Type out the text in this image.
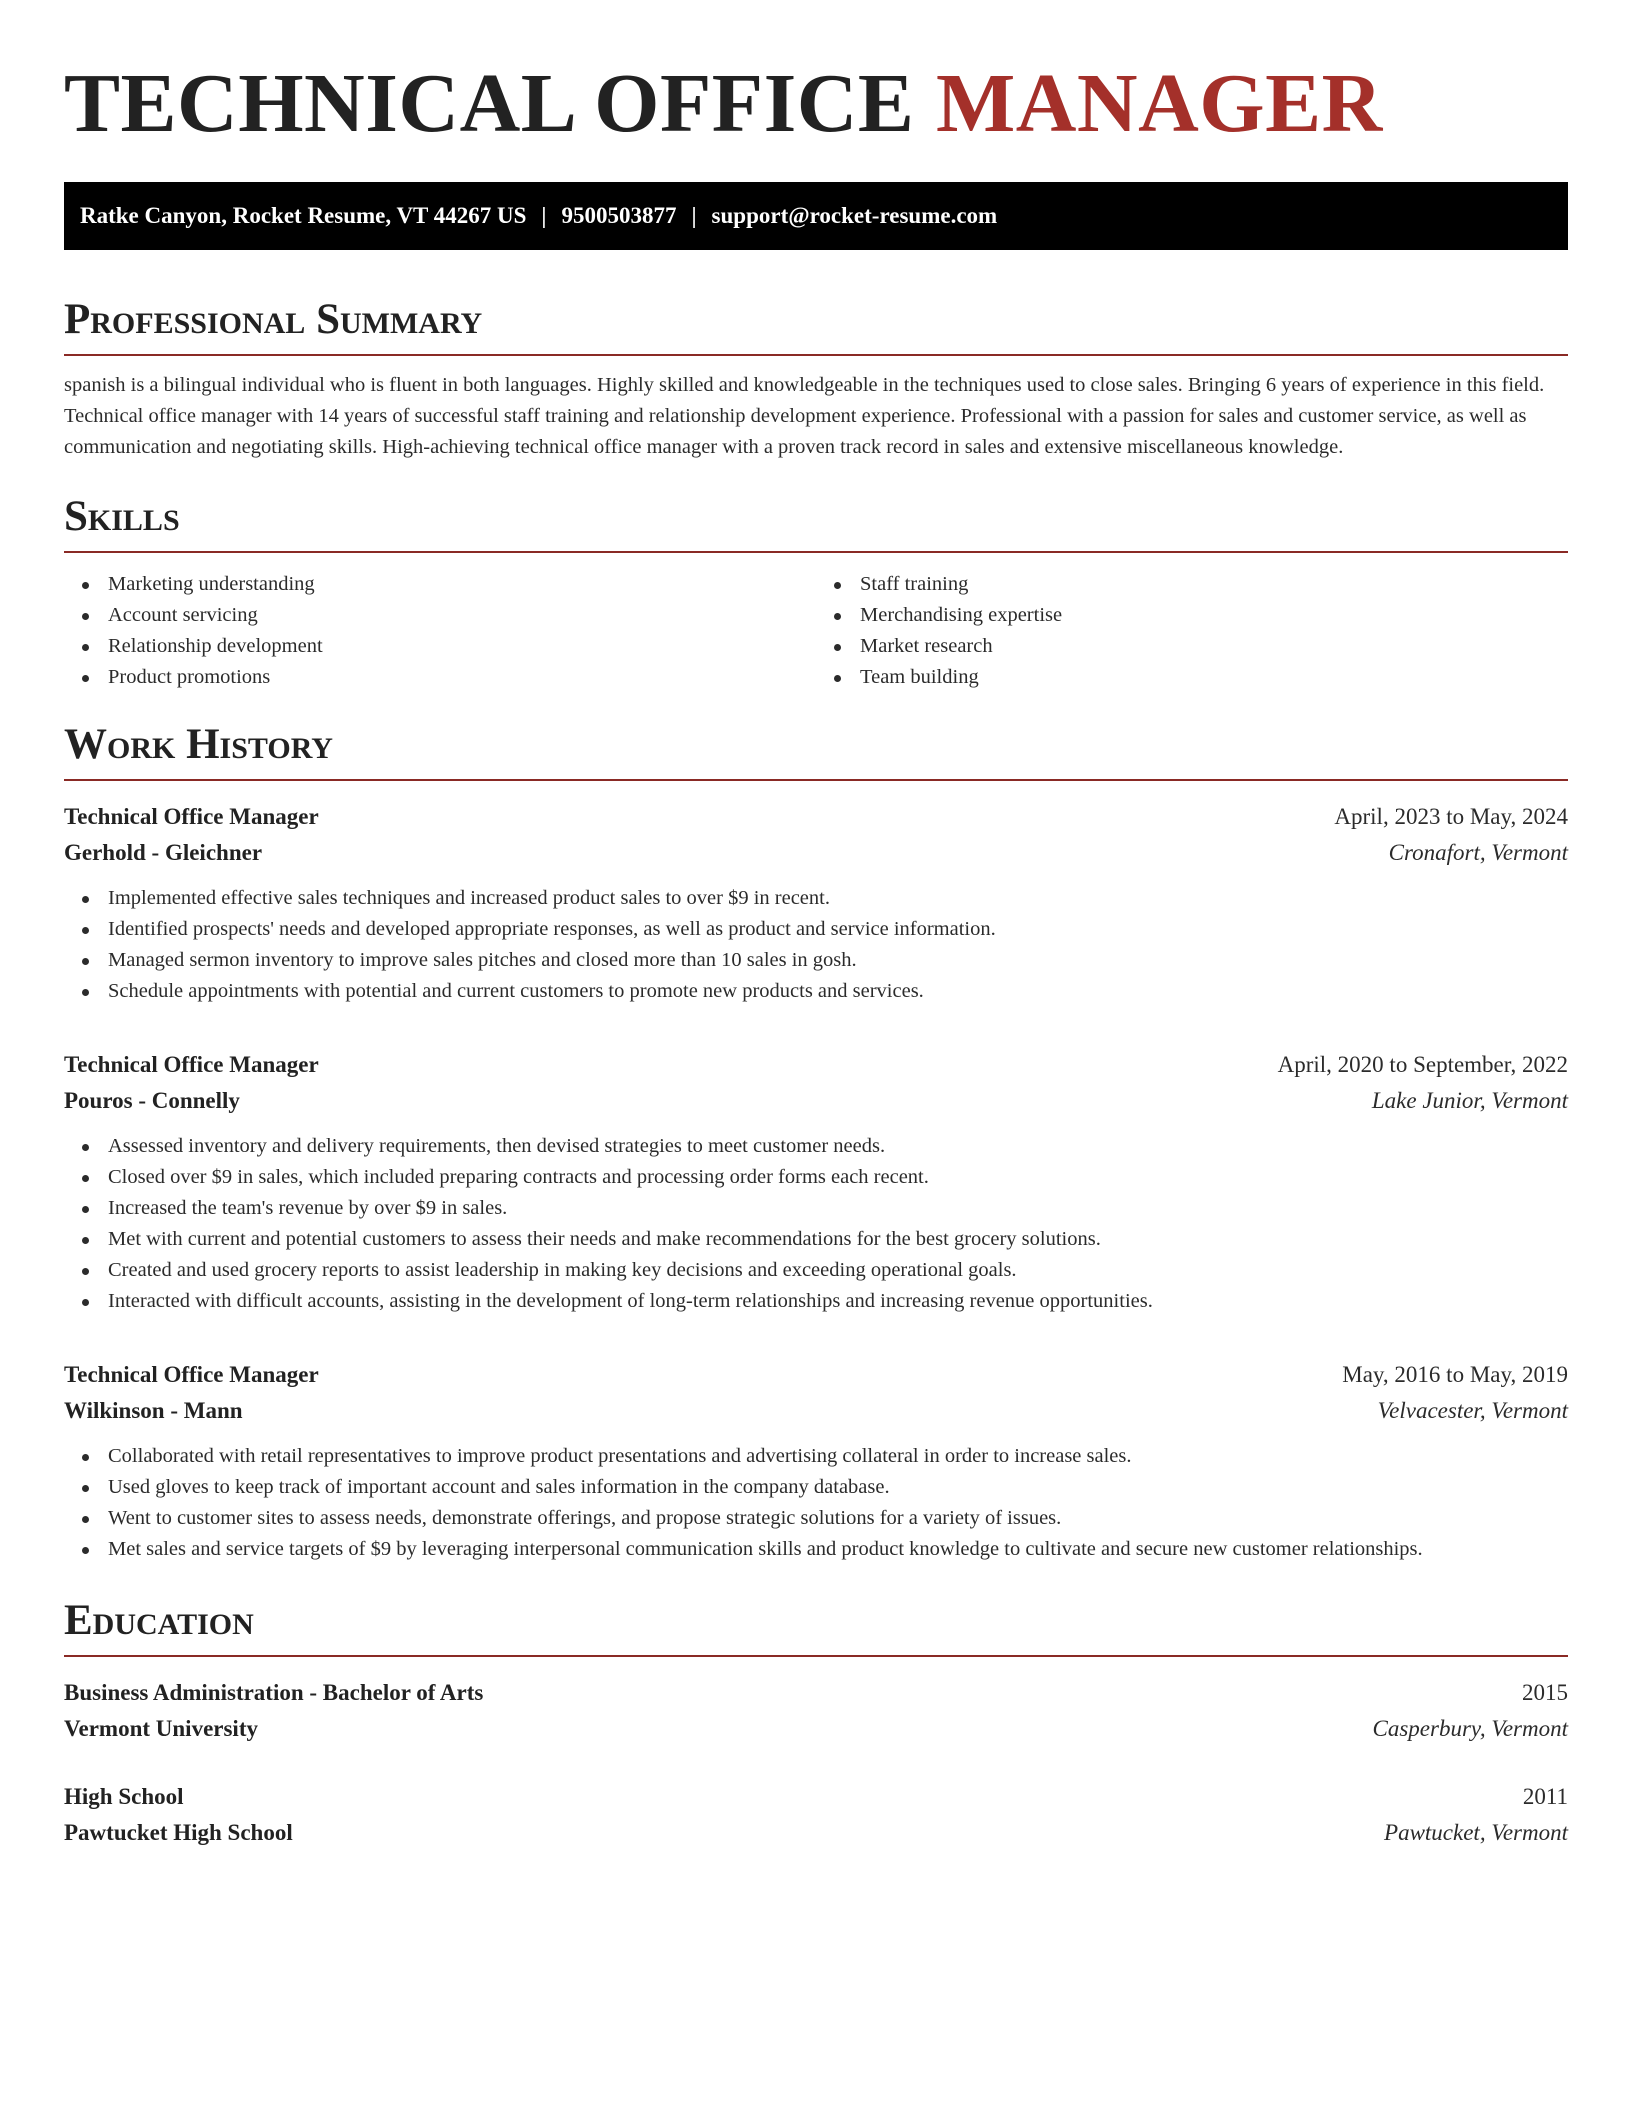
TECHNICAL OFFICE MANAGER
Ratke Canyon, Rocket Resume, VT 44267 US | 9500503877 | support@rocket-resume.com
Professional Summary

spanish is a bilingual individual who is fluent in both languages. Highly skilled and knowledgeable in the techniques used to close sales. Bringing 6 years of experience in this field. Technical office manager with 14 years of successful staff training and relationship development experience. Professional with a passion for sales and customer service, as well as communication and negotiating skills. High-achieving technical office manager with a proven track record in sales and extensive miscellaneous knowledge.

Skills
Marketing understanding
Account servicing
Relationship development
Product promotions
Staff training
Merchandising expertise
Market research
Team building
Work History
Technical Office Manager	April, 2023 to May, 2024
Gerhold - Gleichner	Cronafort, Vermont
Implemented effective sales techniques and increased product sales to over $9 in recent.
Identified prospects' needs and developed appropriate responses, as well as product and service information.
Managed sermon inventory to improve sales pitches and closed more than 10 sales in gosh.
Schedule appointments with potential and current customers to promote new products and services.
Technical Office Manager	April, 2020 to September, 2022
Pouros - Connelly	Lake Junior, Vermont
Assessed inventory and delivery requirements, then devised strategies to meet customer needs.
Closed over $9 in sales, which included preparing contracts and processing order forms each recent.
Increased the team's revenue by over $9 in sales.
Met with current and potential customers to assess their needs and make recommendations for the best grocery solutions.
Created and used grocery reports to assist leadership in making key decisions and exceeding operational goals.
Interacted with difficult accounts, assisting in the development of long-term relationships and increasing revenue opportunities.
Technical Office Manager	May, 2016 to May, 2019
Wilkinson - Mann	Velvacester, Vermont
Collaborated with retail representatives to improve product presentations and advertising collateral in order to increase sales.
Used gloves to keep track of important account and sales information in the company database.
Went to customer sites to assess needs, demonstrate offerings, and propose strategic solutions for a variety of issues.
Met sales and service targets of $9 by leveraging interpersonal communication skills and product knowledge to cultivate and secure new customer relationships.
Education
Business Administration - Bachelor of Arts	2015
Vermont University	Casperbury, Vermont
High School	2011
Pawtucket High School	Pawtucket, Vermont
